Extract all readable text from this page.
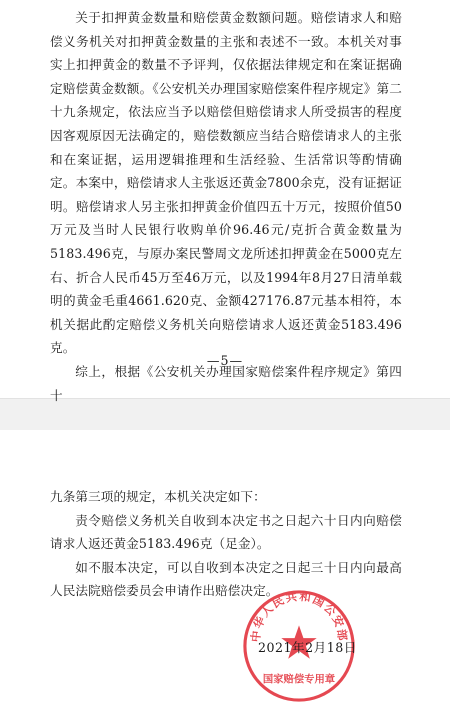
关于扣押黄金数量和赔偿黄金数额问题。赔偿请求人和赔偿义务机关对扣押黄金数量的主张和表述不一致。本机关对事实上扣押黄金的数量不予评判，仅依据法律规定和在案证据确定赔偿黄金数额。《公安机关办理国家赔偿案件程序规定》第二十九条规定，依法应当予以赔偿但赔偿请求人所受损害的程度因客观原因无法确定的，赔偿数额应当结合赔偿请求人的主张和在案证据，运用逻辑推理和生活经验、生活常识等酌情确定。本案中，赔偿请求人主张返还黄金7800余克，没有证据证明。赔偿请求人另主张扣押黄金价值四五十万元，按照价值50万元及当时人民银行收购单价96.46元/克折合黄金数量为5183.496克，与原办案民警周文龙所述扣押黄金在5000克左右、折合人民币45万至46万元，以及1994年8月27日清单载明的黄金毛重4661.620克、金额427176.87元基本相符，本机关据此酌定赔偿义务机关向赔偿请求人返还黄金5183.496克。

综上，根据《公安机关办理国家赔偿案件程序规定》第四十

—5—

九条第三项的规定，本机关决定如下：

责令赔偿义务机关自收到本决定书之日起六十日内向赔偿请求人返还黄金5183.496克（足金）。

如不服本决定，可以自收到本决定之日起三十日内向最高人民法院赔偿委员会申请作出赔偿决定。

中华人民共和国公安部
国家赔偿专用章
2021年2月18日
